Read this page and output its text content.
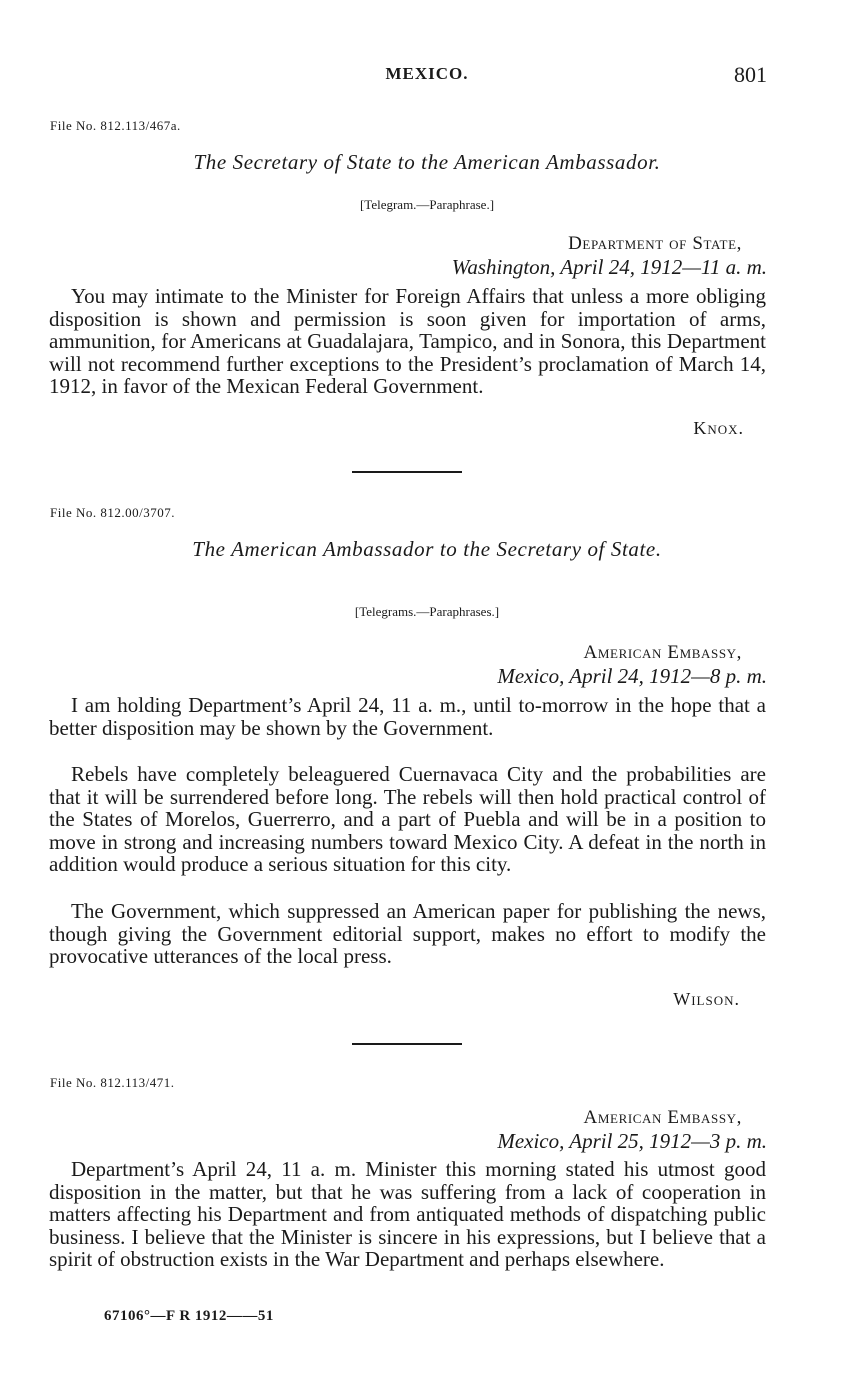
MEXICO.	801
File No. 812.113/467a.
The Secretary of State to the American Ambassador.
[Telegram.—Paraphrase.]
Department of State,
Washington, April 24, 1912—11 a. m.

You may intimate to the Minister for Foreign Affairs that unless a more obliging disposition is shown and permission is soon given for importation of arms, ammunition, for Americans at Guadalajara, Tampico, and in Sonora, this Department will not recommend further exceptions to the President’s proclamation of March 14, 1912, in favor of the Mexican Federal Government.

Knox.
File No. 812.00/3707.
The American Ambassador to the Secretary of State.
[Telegrams.—Paraphrases.]
American Embassy,
Mexico, April 24, 1912—8 p. m.

I am holding Department’s April 24, 11 a. m., until to-morrow in the hope that a better disposition may be shown by the Government.

Rebels have completely beleaguered Cuernavaca City and the probabilities are that it will be surrendered before long. The rebels will then hold practical control of the States of Morelos, Guerrerro, and a part of Puebla and will be in a position to move in strong and increasing numbers toward Mexico City. A defeat in the north in addition would produce a serious situation for this city.

The Government, which suppressed an American paper for publishing the news, though giving the Government editorial support, makes no effort to modify the provocative utterances of the local press.

Wilson.
File No. 812.113/471.
American Embassy,
Mexico, April 25, 1912—3 p. m.

Department’s April 24, 11 a. m. Minister this morning stated his utmost good disposition in the matter, but that he was suffering from a lack of cooperation in matters affecting his Department and from antiquated methods of dispatching public business. I believe that the Minister is sincere in his expressions, but I believe that a spirit of obstruction exists in the War Department and perhaps elsewhere.

67106°—F R 1912——51
